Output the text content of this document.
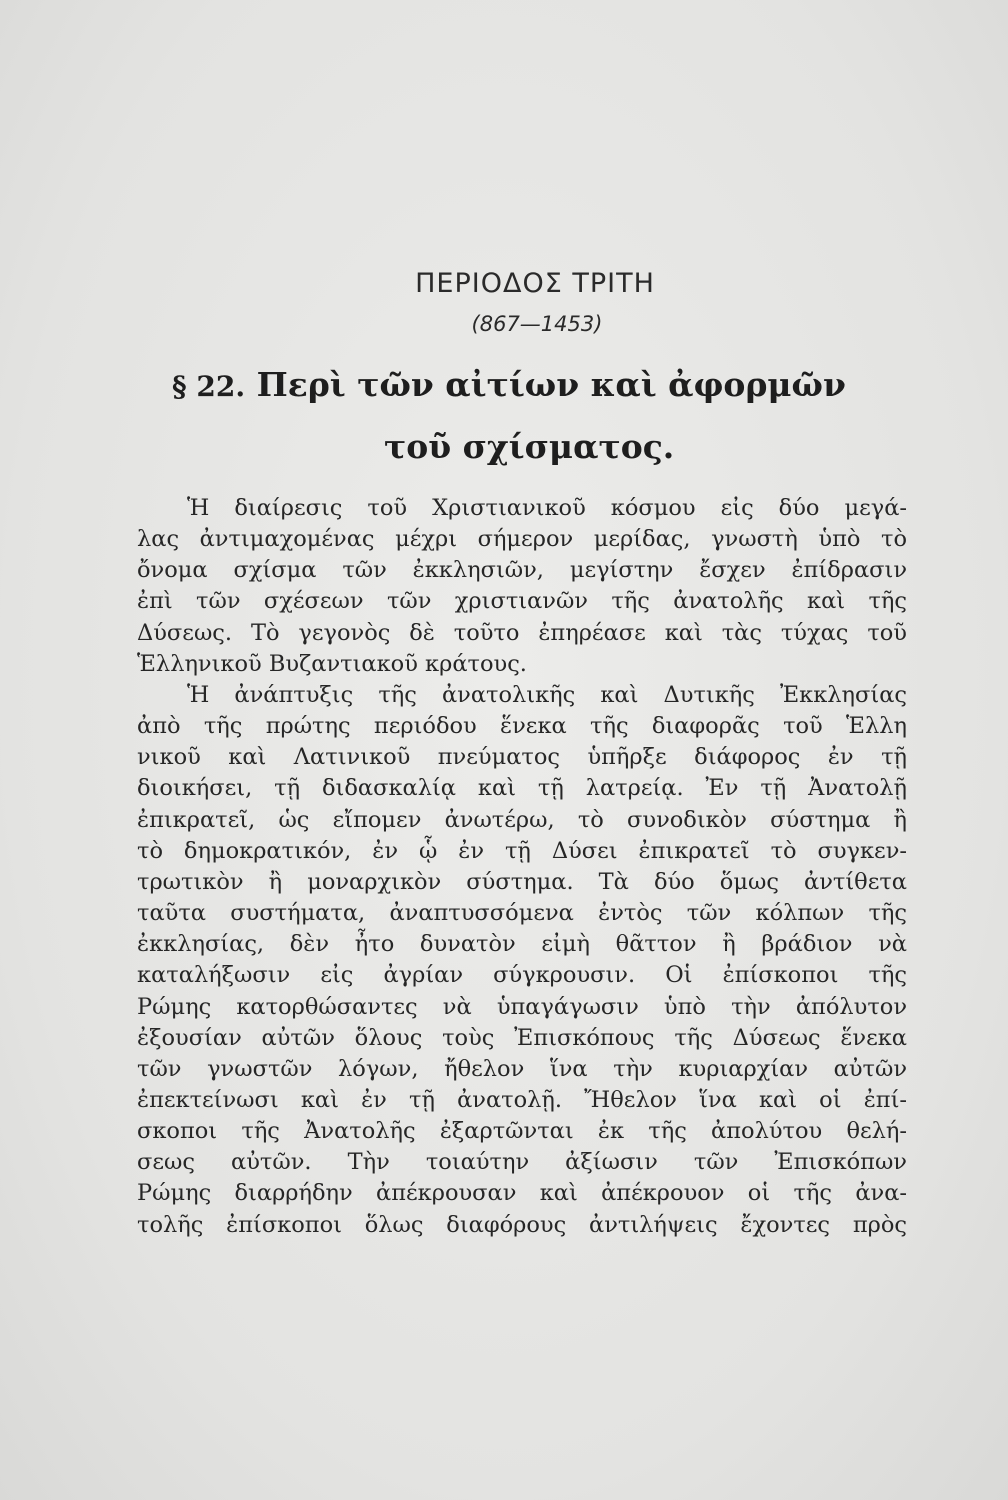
ΠΕΡΙΟΔΟΣ ΤΡΙΤΗ
(867—1453)
§ 22. Περὶ τῶν αἰτίων καὶ ἀφορμῶν
τοῦ σχίσματος.
Ἡ διαίρεσις τοῦ Χριστιανικοῦ κόσμου εἰς δύο μεγά-
λας ἀντιμαχομένας μέχρι σήμερον μερίδας, γνωστὴ ὑπὸ τὸ
ὄνομα σχίσμα τῶν ἐκκλησιῶν, μεγίστην ἔσχεν ἐπίδρασιν
ἐπὶ τῶν σχέσεων τῶν χριστιανῶν τῆς ἀνατολῆς καὶ τῆς
Δύσεως. Τὸ γεγονὸς δὲ τοῦτο ἐπηρέασε καὶ τὰς τύχας τοῦ
Ἑλληνικοῦ Βυζαντιακοῦ κράτους.
Ἡ ἀνάπτυξις τῆς ἀνατολικῆς καὶ Δυτικῆς Ἐκκλησίας
ἀπὸ τῆς πρώτης περιόδου ἕνεκα τῆς διαφορᾶς τοῦ Ἑλλη
νικοῦ καὶ Λατινικοῦ πνεύματος ὑπῆρξε διάφορος ἐν τῇ
διοικήσει, τῇ διδασκαλίᾳ καὶ τῇ λατρείᾳ. Ἐν τῇ Ἀνατολῇ
ἐπικρατεῖ, ὡς εἴπομεν ἀνωτέρω, τὸ συνοδικὸν σύστημα ἢ
τὸ δημοκρατικόν, ἐν ᾧ ἐν τῇ Δύσει ἐπικρατεῖ τὸ συγκεν-
τρωτικὸν ἢ μοναρχικὸν σύστημα. Τὰ δύο ὅμως ἀντίθετα
ταῦτα συστήματα, ἀναπτυσσόμενα ἐντὸς τῶν κόλπων τῆς
ἐκκλησίας, δὲν ἦτο δυνατὸν εἰμὴ θᾶττον ἢ βράδιον νὰ
καταλήξωσιν εἰς ἀγρίαν σύγκρουσιν. Οἱ ἐπίσκοποι τῆς
Ρώμης κατορθώσαντες νὰ ὑπαγάγωσιν ὑπὸ τὴν ἀπόλυτον
ἐξουσίαν αὐτῶν ὅλους τοὺς Ἐπισκόπους τῆς Δύσεως ἕνεκα
τῶν γνωστῶν λόγων, ἤθελον ἵνα τὴν κυριαρχίαν αὐτῶν
ἐπεκτείνωσι καὶ ἐν τῇ ἀνατολῇ. Ἤθελον ἵνα καὶ οἱ ἐπί-
σκοποι τῆς Ἀνατολῆς ἐξαρτῶνται ἐκ τῆς ἀπολύτου θελή-
σεως αὐτῶν. Τὴν τοιαύτην ἀξίωσιν τῶν Ἐπισκόπων
Ρώμης διαρρήδην ἀπέκρουσαν καὶ ἀπέκρουον οἱ τῆς ἀνα-
τολῆς ἐπίσκοποι ὅλως διαφόρους ἀντιλήψεις ἔχοντες πρὸς
